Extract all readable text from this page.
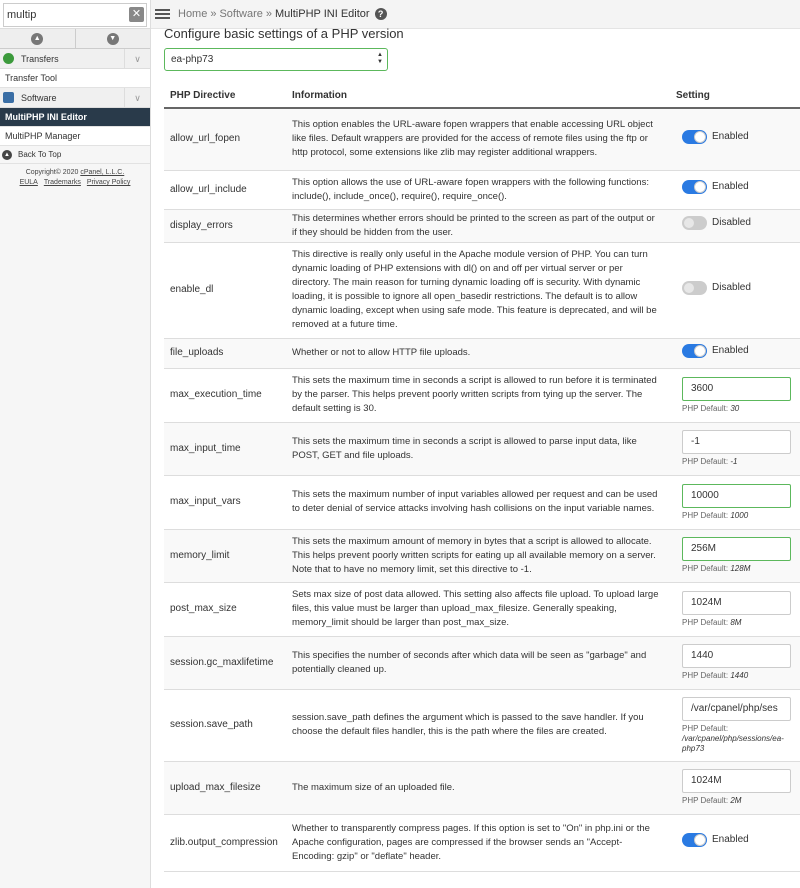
multip
✕
▲	▼
Transfers	∨
Transfer Tool
Software	∨
MultiPHP INI Editor
MultiPHP Manager
▲ Back To Top
Copyright© 2020 cPanel, L.L.C.
EULA Trademarks Privacy Policy
Home » Software » MultiPHP INI Editor ?
Configure basic settings of a PHP version
ea-php73	▲
▼
PHP Directive	Information	Setting
allow_url_fopen	This option enables the URL-aware fopen wrappers that enable accessing URL object like files. Default wrappers are provided for the access of remote files using the ftp or http protocol, some extensions like zlib may register additional wrappers.	Enabled

allow_url_include	This option allows the use of URL-aware fopen wrappers with the following functions: include(), include_once(), require(), require_once().	Enabled

display_errors	This determines whether errors should be printed to the screen as part of the output or if they should be hidden from the user.	Disabled

enable_dl	This directive is really only useful in the Apache module version of PHP. You can turn dynamic loading of PHP extensions with dl() on and off per virtual server or per directory. The main reason for turning dynamic loading off is security. With dynamic loading, it is possible to ignore all open_basedir restrictions. The default is to allow dynamic loading, except when using safe mode. This feature is deprecated, and will be removed at a future time.	Disabled

file_uploads	Whether or not to allow HTTP file uploads.	Enabled

max_execution_time	This sets the maximum time in seconds a script is allowed to run before it is terminated by the parser. This helps prevent poorly written scripts from tying up the server. The default setting is 30.	3600
PHP Default: 30

max_input_time	This sets the maximum time in seconds a script is allowed to parse input data, like POST, GET and file uploads.	-1
PHP Default: -1

max_input_vars	This sets the maximum number of input variables allowed per request and can be used to deter denial of service attacks involving hash collisions on the input variable names.	10000
PHP Default: 1000

memory_limit	This sets the maximum amount of memory in bytes that a script is allowed to allocate. This helps prevent poorly written scripts for eating up all available memory on a server. Note that to have no memory limit, set this directive to -1.	256M
PHP Default: 128M

post_max_size	Sets max size of post data allowed. This setting also affects file upload. To upload large files, this value must be larger than upload_max_filesize. Generally speaking, memory_limit should be larger than post_max_size.	1024M
PHP Default: 8M

session.gc_maxlifetime	This specifies the number of seconds after which data will be seen as "garbage" and potentially cleaned up.	1440
PHP Default: 1440

session.save_path	session.save_path defines the argument which is passed to the save handler. If you choose the default files handler, this is the path where the files are created.	/var/cpanel/php/ses
PHP Default: /var/cpanel/php/sessions/ea-php73

upload_max_filesize	The maximum size of an uploaded file.	1024M
PHP Default: 2M

zlib.output_compression	Whether to transparently compress pages. If this option is set to "On" in php.ini or the Apache configuration, pages are compressed if the browser sends an "Accept-Encoding: gzip" or "deflate" header.	Enabled
